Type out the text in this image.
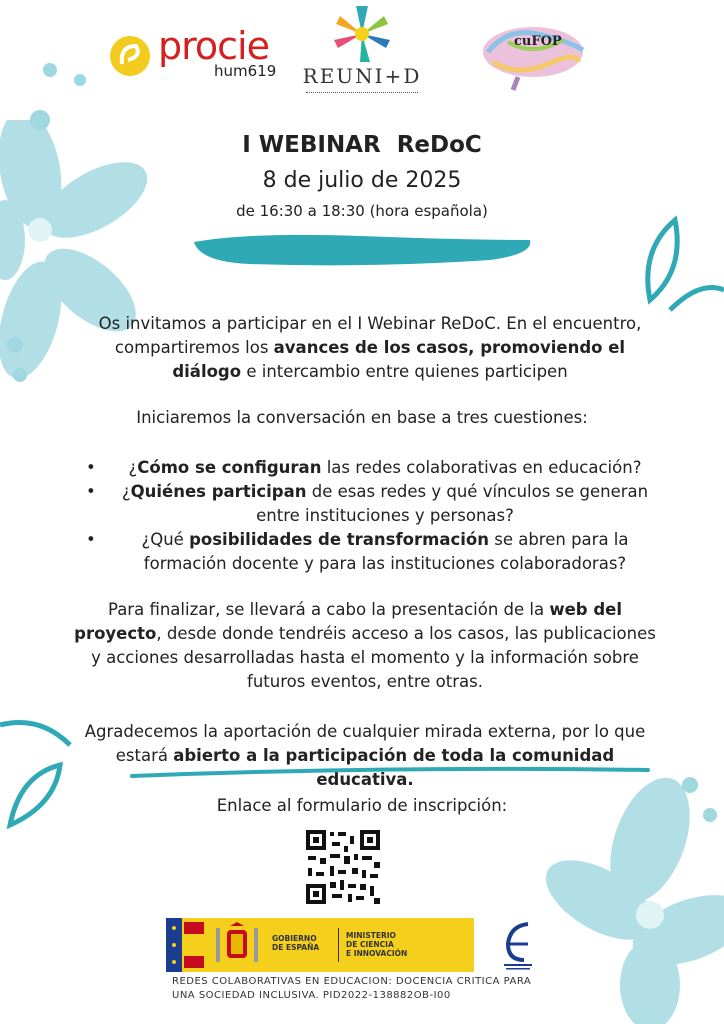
procie
hum619 REUNI+D
cuFOP
I WEBINAR  ReDoC
8 de julio de 2025
de 16:30 a 18:30 (hora española)
Os invitamos a participar en el I Webinar ReDoC. En el encuentro, compartiremos los avances de los casos, promoviendo el diálogo e intercambio entre quienes participen
Iniciaremos la conversación en base a tres cuestiones:
• ¿Cómo se configuran las redes colaborativas en educación?
• ¿Quiénes participan de esas redes y qué vínculos se generan entre instituciones y personas?
•	¿Qué posibilidades de transformación se abren para la formación docente y para las instituciones colaboradoras?
Para finalizar, se llevará a cabo la presentación de la web del proyecto, desde donde tendréis acceso a los casos, las publicaciones y acciones desarrolladas hasta el momento y la información sobre futuros eventos, entre otras.
Agradecemos la aportación de cualquier mirada externa, por lo que estará abierto a la participación de toda la comunidad educativa.
Enlace al formulario de inscripción:
GOBIERNO
DE ESPAÑA
MINISTERIO
DE CIENCIA
E INNOVACIÓN
REDES COLABORATIVAS EN EDUCACION: DOCENCIA CRITICA PARA
UNA SOCIEDAD INCLUSIVA. PID2022-138882OB-I00
